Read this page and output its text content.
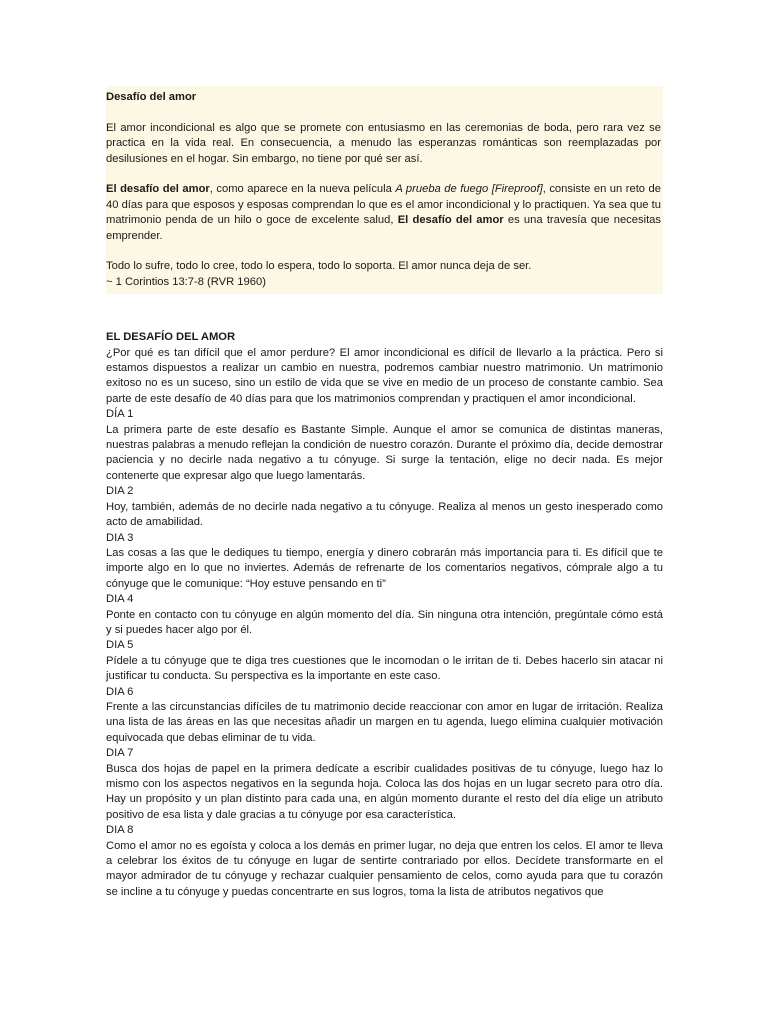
Desafío del amor

El amor incondicional es algo que se promete con entusiasmo en las ceremonias de boda, pero rara vez se practica en la vida real. En consecuencia, a menudo las esperanzas románticas son reemplazadas por desilusiones en el hogar. Sin embargo, no tiene por qué ser así.

El desafío del amor, como aparece en la nueva película A prueba de fuego [Fireproof], consiste en un reto de 40 días para que esposos y esposas comprendan lo que es el amor incondicional y lo practiquen. Ya sea que tu matrimonio penda de un hilo o goce de excelente salud, El desafío del amor es una travesía que necesitas emprender.

Todo lo sufre, todo lo cree, todo lo espera, todo lo soporta. El amor nunca deja de ser.
~ 1 Corintios 13:7-8 (RVR 1960)

EL DESAFÍO DEL AMOR

¿Por qué es tan difícil que el amor perdure? El amor incondicional es difícil de llevarlo a la práctica. Pero si estamos dispuestos a realizar un cambio en nuestra, podremos cambiar nuestro matrimonio. Un matrimonio exitoso no es un suceso, sino un estilo de vida que se vive en medio de un proceso de constante cambio. Sea parte de este desafío de 40 días para que los matrimonios comprendan y practiquen el amor incondicional.

DÍA 1

La primera parte de este desafío es Bastante Simple. Aunque el amor se comunica de distintas maneras, nuestras palabras a menudo reflejan la condición de nuestro corazón. Durante el próximo día, decide demostrar paciencia y no decirle nada negativo a tu cónyuge. Si surge la tentación, elige no decir nada. Es mejor contenerte que expresar algo que luego lamentarás.

DIA 2

Hoy, también, además de no decirle nada negativo a tu cónyuge. Realiza al menos un gesto inesperado como acto de amabilidad.

DIA 3

Las cosas a las que le dediques tu tiempo, energía y dinero cobrarán más importancia para ti. Es difícil que te importe algo en lo que no inviertes. Además de refrenarte de los comentarios negativos, cómprale algo a tu cónyuge que le comunique: “Hoy estuve pensando en ti”

DIA 4

Ponte en contacto con tu cónyuge en algún momento del día. Sin ninguna otra intención, pregúntale cómo está y si puedes hacer algo por él.

DIA 5

Pídele a tu cónyuge que te diga tres cuestiones que le incomodan o le irritan de ti. Debes hacerlo sin atacar ni justificar tu conducta. Su perspectiva es la importante en este caso.

DIA 6

Frente a las circunstancias difíciles de tu matrimonio decide reaccionar con amor en lugar de irritación. Realiza una lista de las áreas en las que necesitas añadir un margen en tu agenda, luego elimina cualquier motivación equivocada que debas eliminar de tu vida.

DIA 7

Busca dos hojas de papel en la primera dedícate a escribir cualidades positivas de tu cónyuge, luego haz lo mismo con los aspectos negativos en la segunda hoja. Coloca las dos hojas en un lugar secreto para otro día. Hay un propósito y un plan distinto para cada una, en algún momento durante el resto del día elige un atributo positivo de esa lista y dale gracias a tu cónyuge por esa característica.

DIA 8

Como el amor no es egoísta y coloca a los demás en primer lugar, no deja que entren los celos. El amor te lleva a celebrar los éxitos de tu cónyuge en lugar de sentirte contrariado por ellos. Decídete transformarte en el mayor admirador de tu cónyuge y rechazar cualquier pensamiento de celos, como ayuda para que tu corazón se incline a tu cónyuge y puedas concentrarte en sus logros, toma la lista de atributos negativos que
